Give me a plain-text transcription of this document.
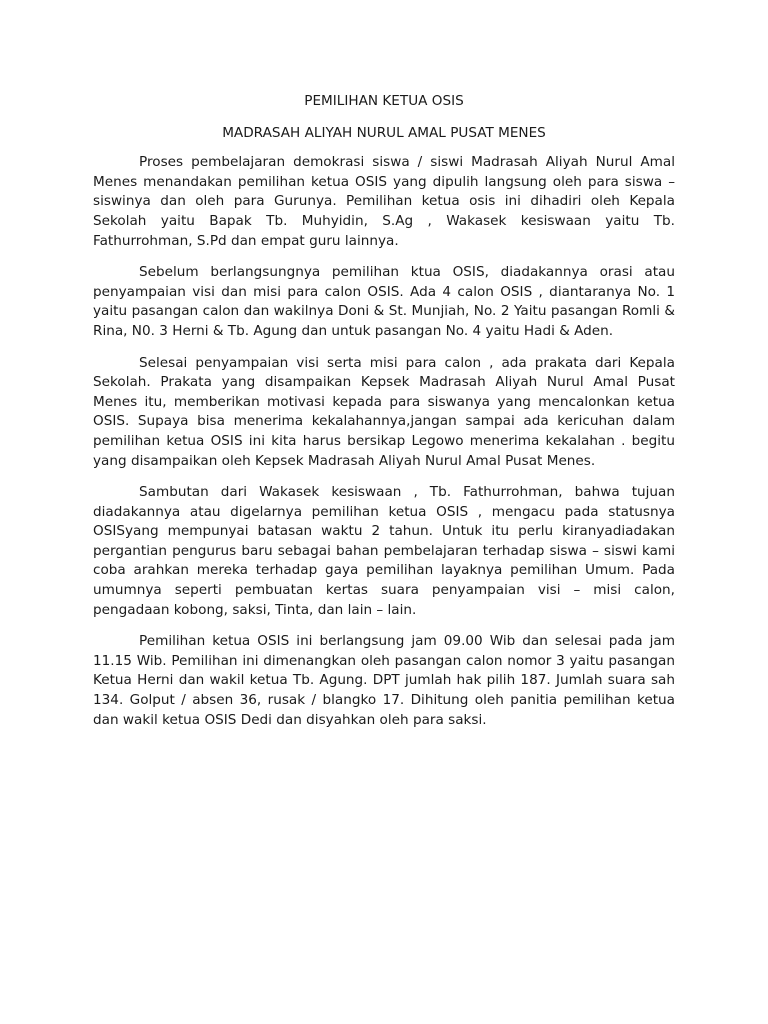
PEMILIHAN KETUA OSIS

MADRASAH ALIYAH NURUL AMAL PUSAT MENES

Proses pembelajaran demokrasi siswa / siswi Madrasah Aliyah Nurul Amal Menes menandakan pemilihan ketua OSIS yang dipulih langsung oleh para siswa – siswinya dan oleh para Gurunya. Pemilihan ketua osis ini dihadiri oleh Kepala Sekolah yaitu Bapak Tb. Muhyidin, S.Ag , Wakasek kesiswaan yaitu Tb. Fathurrohman, S.Pd dan empat guru lainnya.

Sebelum berlangsungnya pemilihan ktua OSIS, diadakannya orasi atau penyampaian visi dan misi para calon OSIS. Ada 4 calon OSIS , diantaranya No. 1 yaitu pasangan calon dan wakilnya Doni & St. Munjiah, No. 2 Yaitu pasangan Romli & Rina, N0. 3 Herni & Tb. Agung dan untuk pasangan No. 4 yaitu Hadi & Aden.

Selesai penyampaian visi serta misi para calon , ada prakata dari Kepala Sekolah. Prakata yang disampaikan Kepsek Madrasah Aliyah Nurul Amal Pusat Menes itu, memberikan motivasi kepada para siswanya yang mencalonkan ketua OSIS. Supaya bisa menerima kekalahannya,jangan sampai ada kericuhan dalam pemilihan ketua OSIS ini kita harus bersikap Legowo menerima kekalahan . begitu yang disampaikan oleh Kepsek Madrasah Aliyah Nurul Amal Pusat Menes.

Sambutan dari Wakasek kesiswaan , Tb. Fathurrohman, bahwa tujuan diadakannya atau digelarnya pemilihan ketua OSIS , mengacu pada statusnya OSISyang mempunyai batasan waktu 2 tahun. Untuk itu perlu kiranyadiadakan pergantian pengurus baru sebagai bahan pembelajaran terhadap siswa – siswi kami coba arahkan mereka terhadap gaya pemilihan layaknya pemilihan Umum. Pada umumnya seperti pembuatan kertas suara penyampaian visi – misi calon, pengadaan kobong, saksi, Tinta, dan lain – lain.

Pemilihan ketua OSIS ini berlangsung jam 09.00 Wib dan selesai pada jam 11.15 Wib. Pemilihan ini dimenangkan oleh pasangan calon nomor 3 yaitu pasangan Ketua Herni dan wakil ketua Tb. Agung. DPT jumlah hak pilih 187. Jumlah suara sah 134. Golput / absen 36, rusak / blangko 17. Dihitung oleh panitia pemilihan ketua dan wakil ketua OSIS Dedi dan disyahkan oleh para saksi.
